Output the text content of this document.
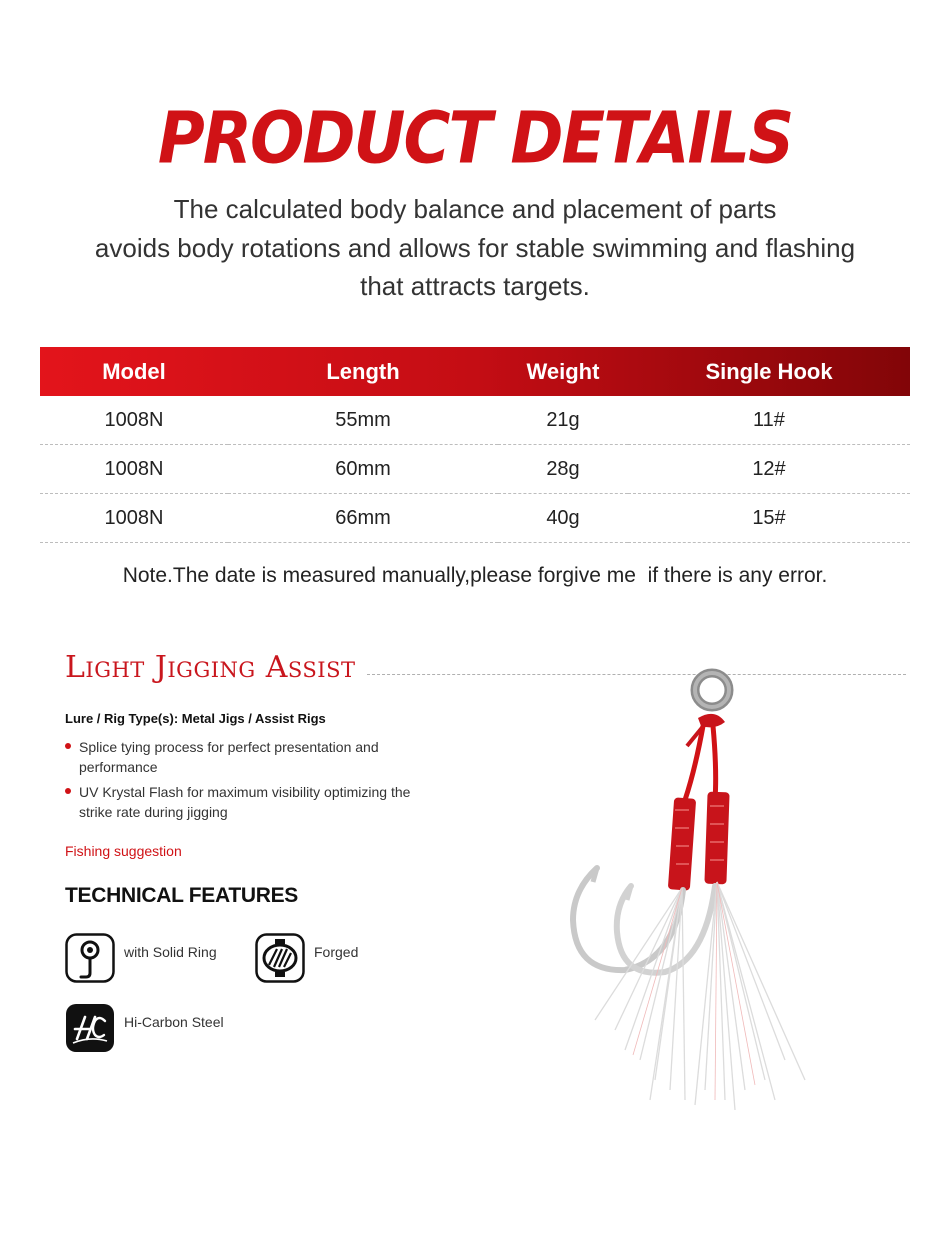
PRODUCT DETAILS
The calculated body balance and placement of parts
avoids body rotations and allows for stable swimming and flashing
that attracts targets.
Model	Length	Weight	Single Hook
1008N	55mm	21g	11#
1008N	60mm	28g	12#
1008N	66mm	40g	15#
Note.The date is measured manually,please forgive me  if there is any error.
Light Jigging Assist
Lure / Rig Type(s): Metal Jigs / Assist Rigs
Splice tying process for perfect presentation and performance
UV Krystal Flash for maximum visibility optimizing the strike rate during jigging
Fishing suggestion
TECHNICAL FEATURES
with Solid Ring	Forged
Hi-Carbon Steel
